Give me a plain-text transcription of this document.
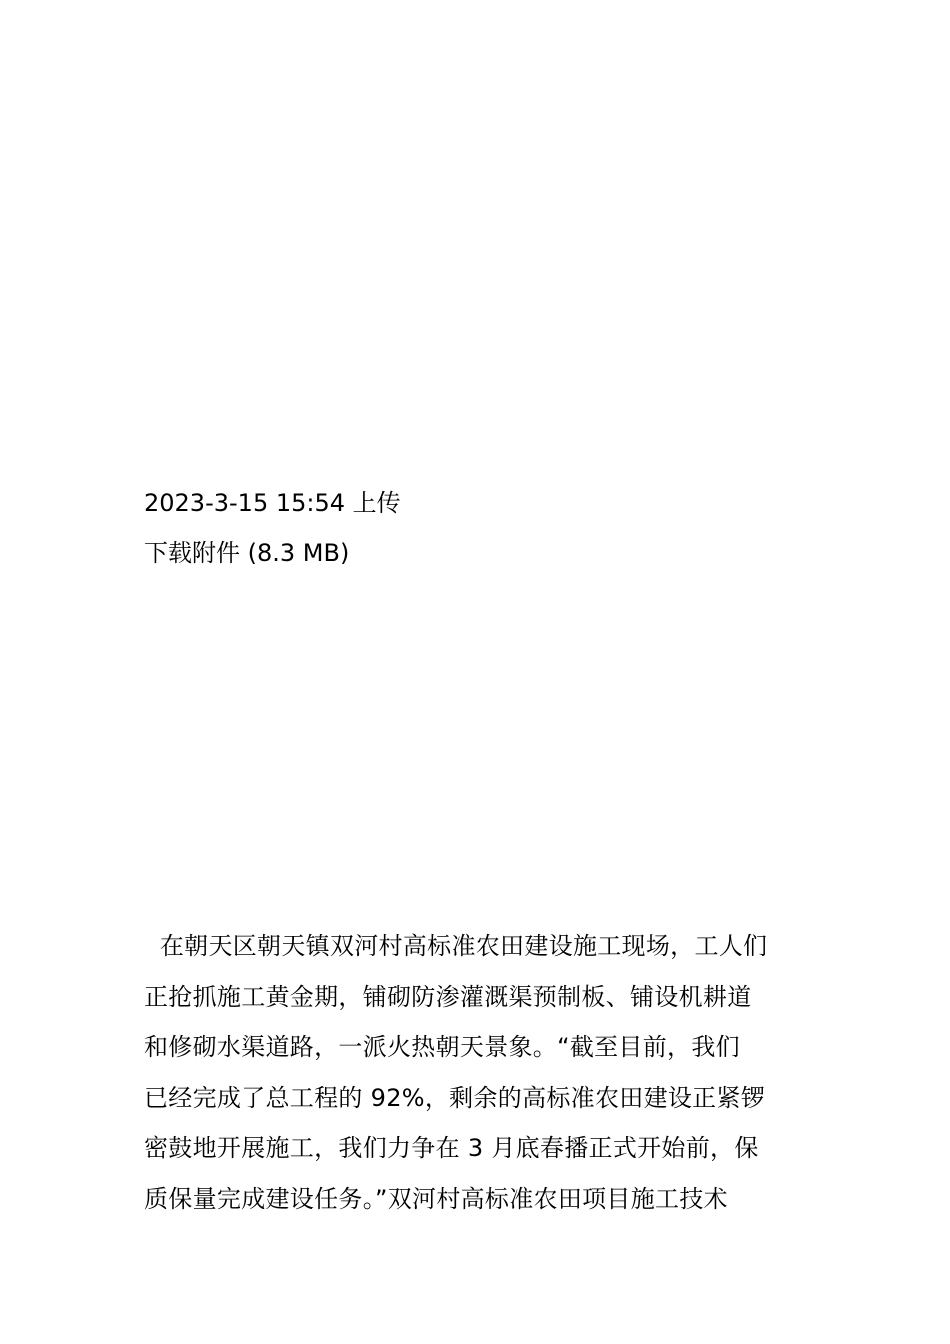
2023-3-15 15:54 上传
下载附件 (8.3 MB)
在朝天区朝天镇双河村高标准农田建设施工现场，工人们
正抢抓施工黄金期，铺砌防渗灌溉渠预制板、铺设机耕道
和修砌水渠道路，一派火热朝天景象。“截至目前，我们
已经完成了总工程的 92%，剩余的高标准农田建设正紧锣
密鼓地开展施工，我们力争在 3 月底春播正式开始前，保
质保量完成建设任务。”双河村高标准农田项目施工技术
